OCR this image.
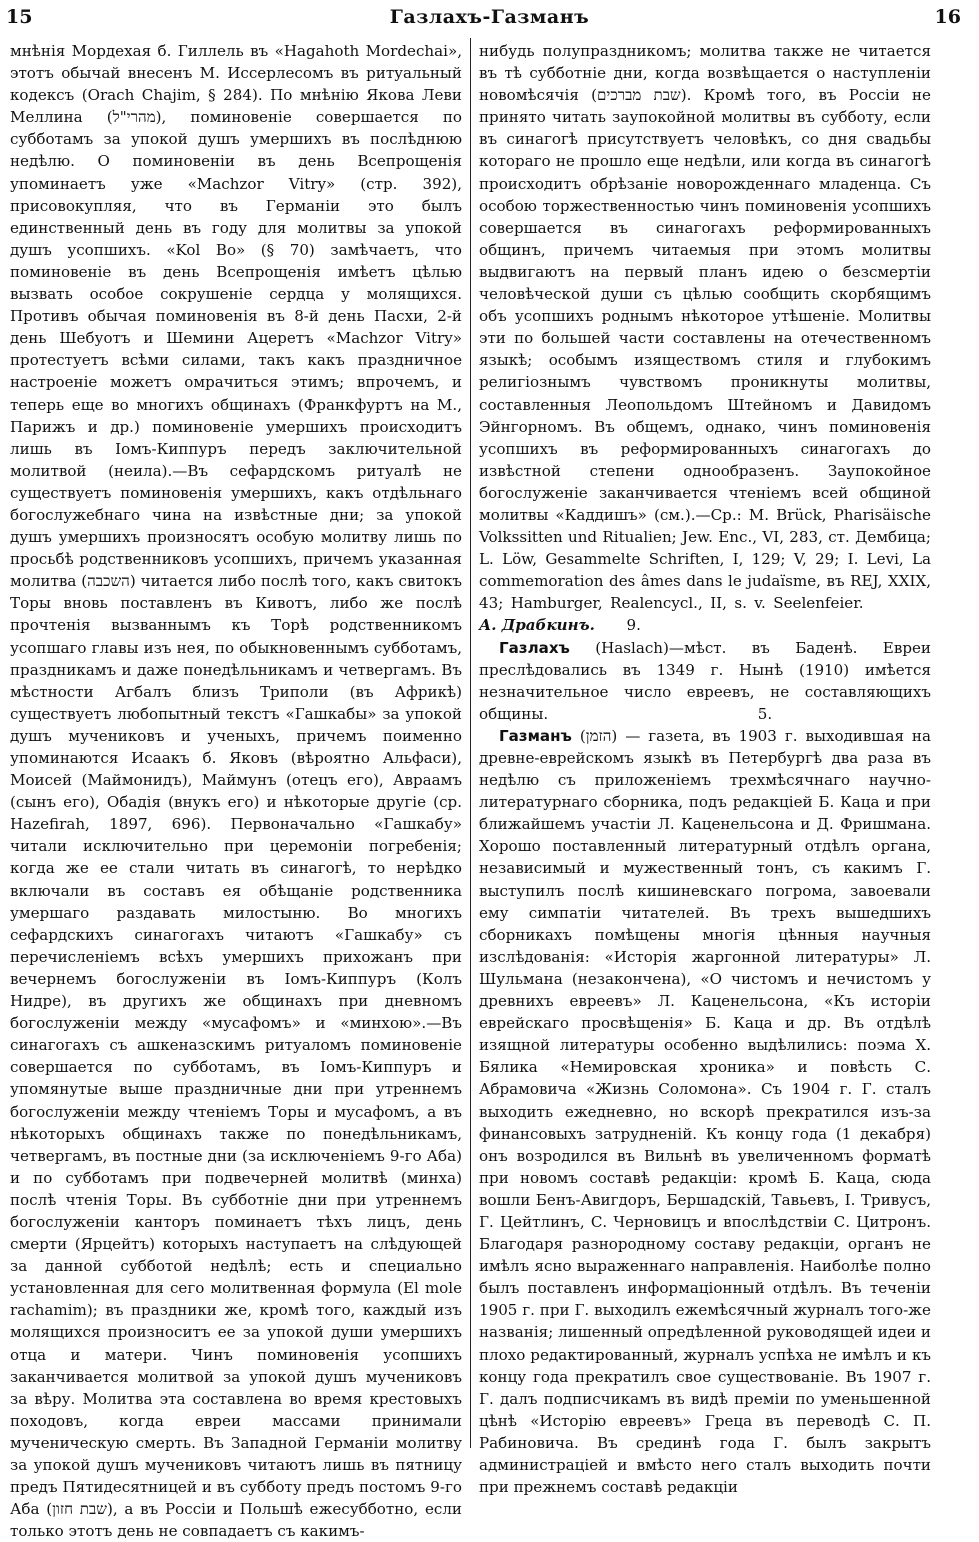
15	Газлахъ-Газманъ	16

мнѣнія Мордехая б. Гиллель въ «Hagahoth Mordechai», этотъ обычай внесенъ М. Иссерлесомъ въ ритуальный кодексъ (Orach Chajim, § 284). По мнѣнію Якова Леви Меллина (מהרי"ל), поминовеніе совершается по субботамъ за упокой душъ умершихъ въ послѣднюю недѣлю. О поминовеніи въ день Всепрощенія упоминаетъ уже «Machzor Vitry» (стр. 392), присовокупляя, что въ Германіи это былъ единственный день въ году для молитвы за упокой душъ усопшихъ. «Kol Bo» (§ 70) замѣчаетъ, что поминовеніе въ день Всепрощенія имѣетъ цѣлью вызвать особое сокрушеніе сердца у молящихся. Противъ обычая поминовенія въ 8-й день Пасхи, 2-й день Шебуотъ и Шемини Ацеретъ «Machzor Vitry» протестуетъ всѣми силами, такъ какъ праздничное настроеніе можетъ омрачиться этимъ; впрочемъ, и теперь еще во многихъ общинахъ (Франкфуртъ на М., Парижъ и др.) поминовеніе умершихъ происходитъ лишь въ Іомъ-Киппуръ передъ заключительной молитвой (неила).—Въ сефардскомъ ритуалѣ не существуетъ поминовенія умершихъ, какъ отдѣльнаго богослужебнаго чина на извѣстные дни; за упокой душъ умершихъ произносятъ особую молитву лишь по просьбѣ родственниковъ усопшихъ, причемъ указанная молитва (השכבה) читается либо послѣ того, какъ свитокъ Торы вновь поставленъ въ Кивотъ, либо же послѣ прочтенія вызваннымъ къ Торѣ родственникомъ усопшаго главы изъ нея, по обыкновеннымъ субботамъ, праздникамъ и даже понедѣльникамъ и четвергамъ. Въ мѣстности Агбалъ близъ Триполи (въ Африкѣ) существуетъ любопытный текстъ «Гашкабы» за упокой душъ мучениковъ и ученыхъ, причемъ поименно упоминаются Исаакъ б. Яковъ (вѣроятно Альфаси), Моисей (Маймонидъ), Маймунъ (отецъ его), Авраамъ (сынъ его), Обадія (внукъ его) и нѣкоторые другіе (ср. Hazefirah, 1897, 696). Первоначально «Гашкабу» читали исключительно при церемоніи погребенія; когда же ее стали читать въ синагогѣ, то нерѣдко включали въ составъ ея обѣщаніе родственника умершаго раздавать милостыню. Во многихъ сефардскихъ синагогахъ читаютъ «Гашкабу» съ перечисленіемъ всѣхъ умершихъ прихожанъ при вечернемъ богослуженіи въ Іомъ-Киппуръ (Колъ Нидре), въ другихъ же общинахъ при дневномъ богослуженіи между «мусафомъ» и «минхою».—Въ синагогахъ съ ашкеназскимъ ритуаломъ поминовеніе совершается по субботамъ, въ Іомъ-Киппуръ и упомянутые выше праздничные дни при утреннемъ богослуженіи между чтеніемъ Торы и мусафомъ, а въ нѣкоторыхъ общинахъ также по понедѣльникамъ, четвергамъ, въ постные дни (за исключеніемъ 9-го Аба) и по субботамъ при подвечерней молитвѣ (минха) послѣ чтенія Торы. Въ субботніе дни при утреннемъ богослуженіи канторъ поминаетъ тѣхъ лицъ, день смерти (Ярцейтъ) которыхъ наступаетъ на слѣдующей за данной субботой недѣлѣ; есть и специально установленная для сего молитвенная формула (El mole rachamim); въ праздники же, кромѣ того, каждый изъ молящихся произноситъ ее за упокой души умершихъ отца и матери. Чинъ поминовенія усопшихъ заканчивается молитвой за упокой душъ мучениковъ за вѣру. Молитва эта составлена во время крестовыхъ походовъ, когда евреи массами принимали мученическую смерть. Въ Западной Германіи молитву за упокой душъ мучениковъ читаютъ лишь въ пятницу предъ Пятидесятницей и въ субботу предъ постомъ 9-го Аба (שבת חזון), а въ Россіи и Польшѣ ежесубботно, если только этотъ день не совпадаетъ съ какимъ-

нибудь полупраздникомъ; молитва также не читается въ тѣ субботніе дни, когда возвѣщается о наступленіи новомѣсячія (שבת מברכים). Кромѣ того, въ Россіи не принято читать заупокойной молитвы въ субботу, если въ синагогѣ присутствуетъ человѣкъ, со дня свадьбы котораго не прошло еще недѣли, или когда въ синагогѣ происходитъ обрѣзаніе новорожденнаго младенца. Съ особою торжественностью чинъ поминовенія усопшихъ совершается въ синагогахъ реформированныхъ общинъ, причемъ читаемыя при этомъ молитвы выдвигаютъ на первый планъ идею о безсмертіи человѣческой души съ цѣлью сообщить скорбящимъ объ усопшихъ роднымъ нѣкоторое утѣшеніе. Молитвы эти по большей части составлены на отечественномъ языкѣ; особымъ изяществомъ стиля и глубокимъ религіознымъ чувствомъ проникнуты молитвы, составленныя Леопольдомъ Штейномъ и Давидомъ Эйнгорномъ. Въ общемъ, однако, чинъ поминовенія усопшихъ въ реформированныхъ синагогахъ до извѣстной степени однообразенъ. Заупокойное богослуженіе заканчивается чтеніемъ всей общиной молитвы «Каддишъ» (см.).—Ср.: M. Brück, Pharisäische Volkssitten und Ritualien; Jew. Enc., VI, 283, ст. Дембица; L. Löw, Gesammelte Schriften, I, 129; V, 29; I. Levi, La commemoration des âmes dans le judaïsme, въ REJ, XXIX, 43; Hamburger, Realencycl., II, s. v. Seelenfeier.  А. Драбкинъ. 9.

Газлахъ (Haslach)—мѣст. въ Баденѣ. Евреи преслѣдовались въ 1349 г. Нынѣ (1910) имѣется незначительное число евреевъ, не составляющихъ общины.	5.

Газманъ (הזמן) — газета, въ 1903 г. выходившая на древне-еврейскомъ языкѣ въ Петербургѣ два раза въ недѣлю съ приложеніемъ трехмѣсячнаго научно-литературнаго сборника, подъ редакціей Б. Каца и при ближайшемъ участіи Л. Каценельсона и Д. Фришмана. Хорошо поставленный литературный отдѣлъ органа, независимый и мужественный тонъ, съ какимъ Г. выступилъ послѣ кишиневскаго погрома, завоевали ему симпатіи читателей. Въ трехъ вышедшихъ сборникахъ помѣщены многія цѣнныя научныя изслѣдованія: «Исторія жаргонной литературы» Л. Шульмана (незакончена), «О чистомъ и нечистомъ у древнихъ евреевъ» Л. Каценельсона, «Къ исторіи еврейскаго просвѣщенія» Б. Каца и др. Въ отдѣлѣ изящной литературы особенно выдѣлились: поэма Х. Бялика «Немировская хроника» и повѣсть С. Абрамовича «Жизнь Соломона». Съ 1904 г. Г. сталъ выходить ежедневно, но вскорѣ прекратился изъ-за финансовыхъ затрудненій. Къ концу года (1 декабря) онъ возродился въ Вильнѣ въ увеличенномъ форматѣ при новомъ составѣ редакціи: кромѣ Б. Каца, сюда вошли Бенъ-Авигдоръ, Бершадскій, Тавьевъ, І. Тривусъ, Г. Цейтлинъ, С. Черновицъ и впослѣдствіи С. Цитронъ. Благодаря разнородному составу редакціи, органъ не имѣлъ ясно выраженнаго направленія. Наиболѣе полно былъ поставленъ информаціонный отдѣлъ. Въ теченіи 1905 г. при Г. выходилъ ежемѣсячный журналъ того-же названія; лишенный опредѣленной руководящей идеи и плохо редактированный, журналъ успѣха не имѣлъ и къ концу года прекратилъ свое существованіе. Въ 1907 г. Г. далъ подписчикамъ въ видѣ преміи по уменьшенной цѣнѣ «Исторію евреевъ» Греца въ переводѣ С. П. Рабиновича. Въ срединѣ года Г. былъ закрытъ администраціей и вмѣсто него сталъ выходить почти при прежнемъ составѣ редакціи
